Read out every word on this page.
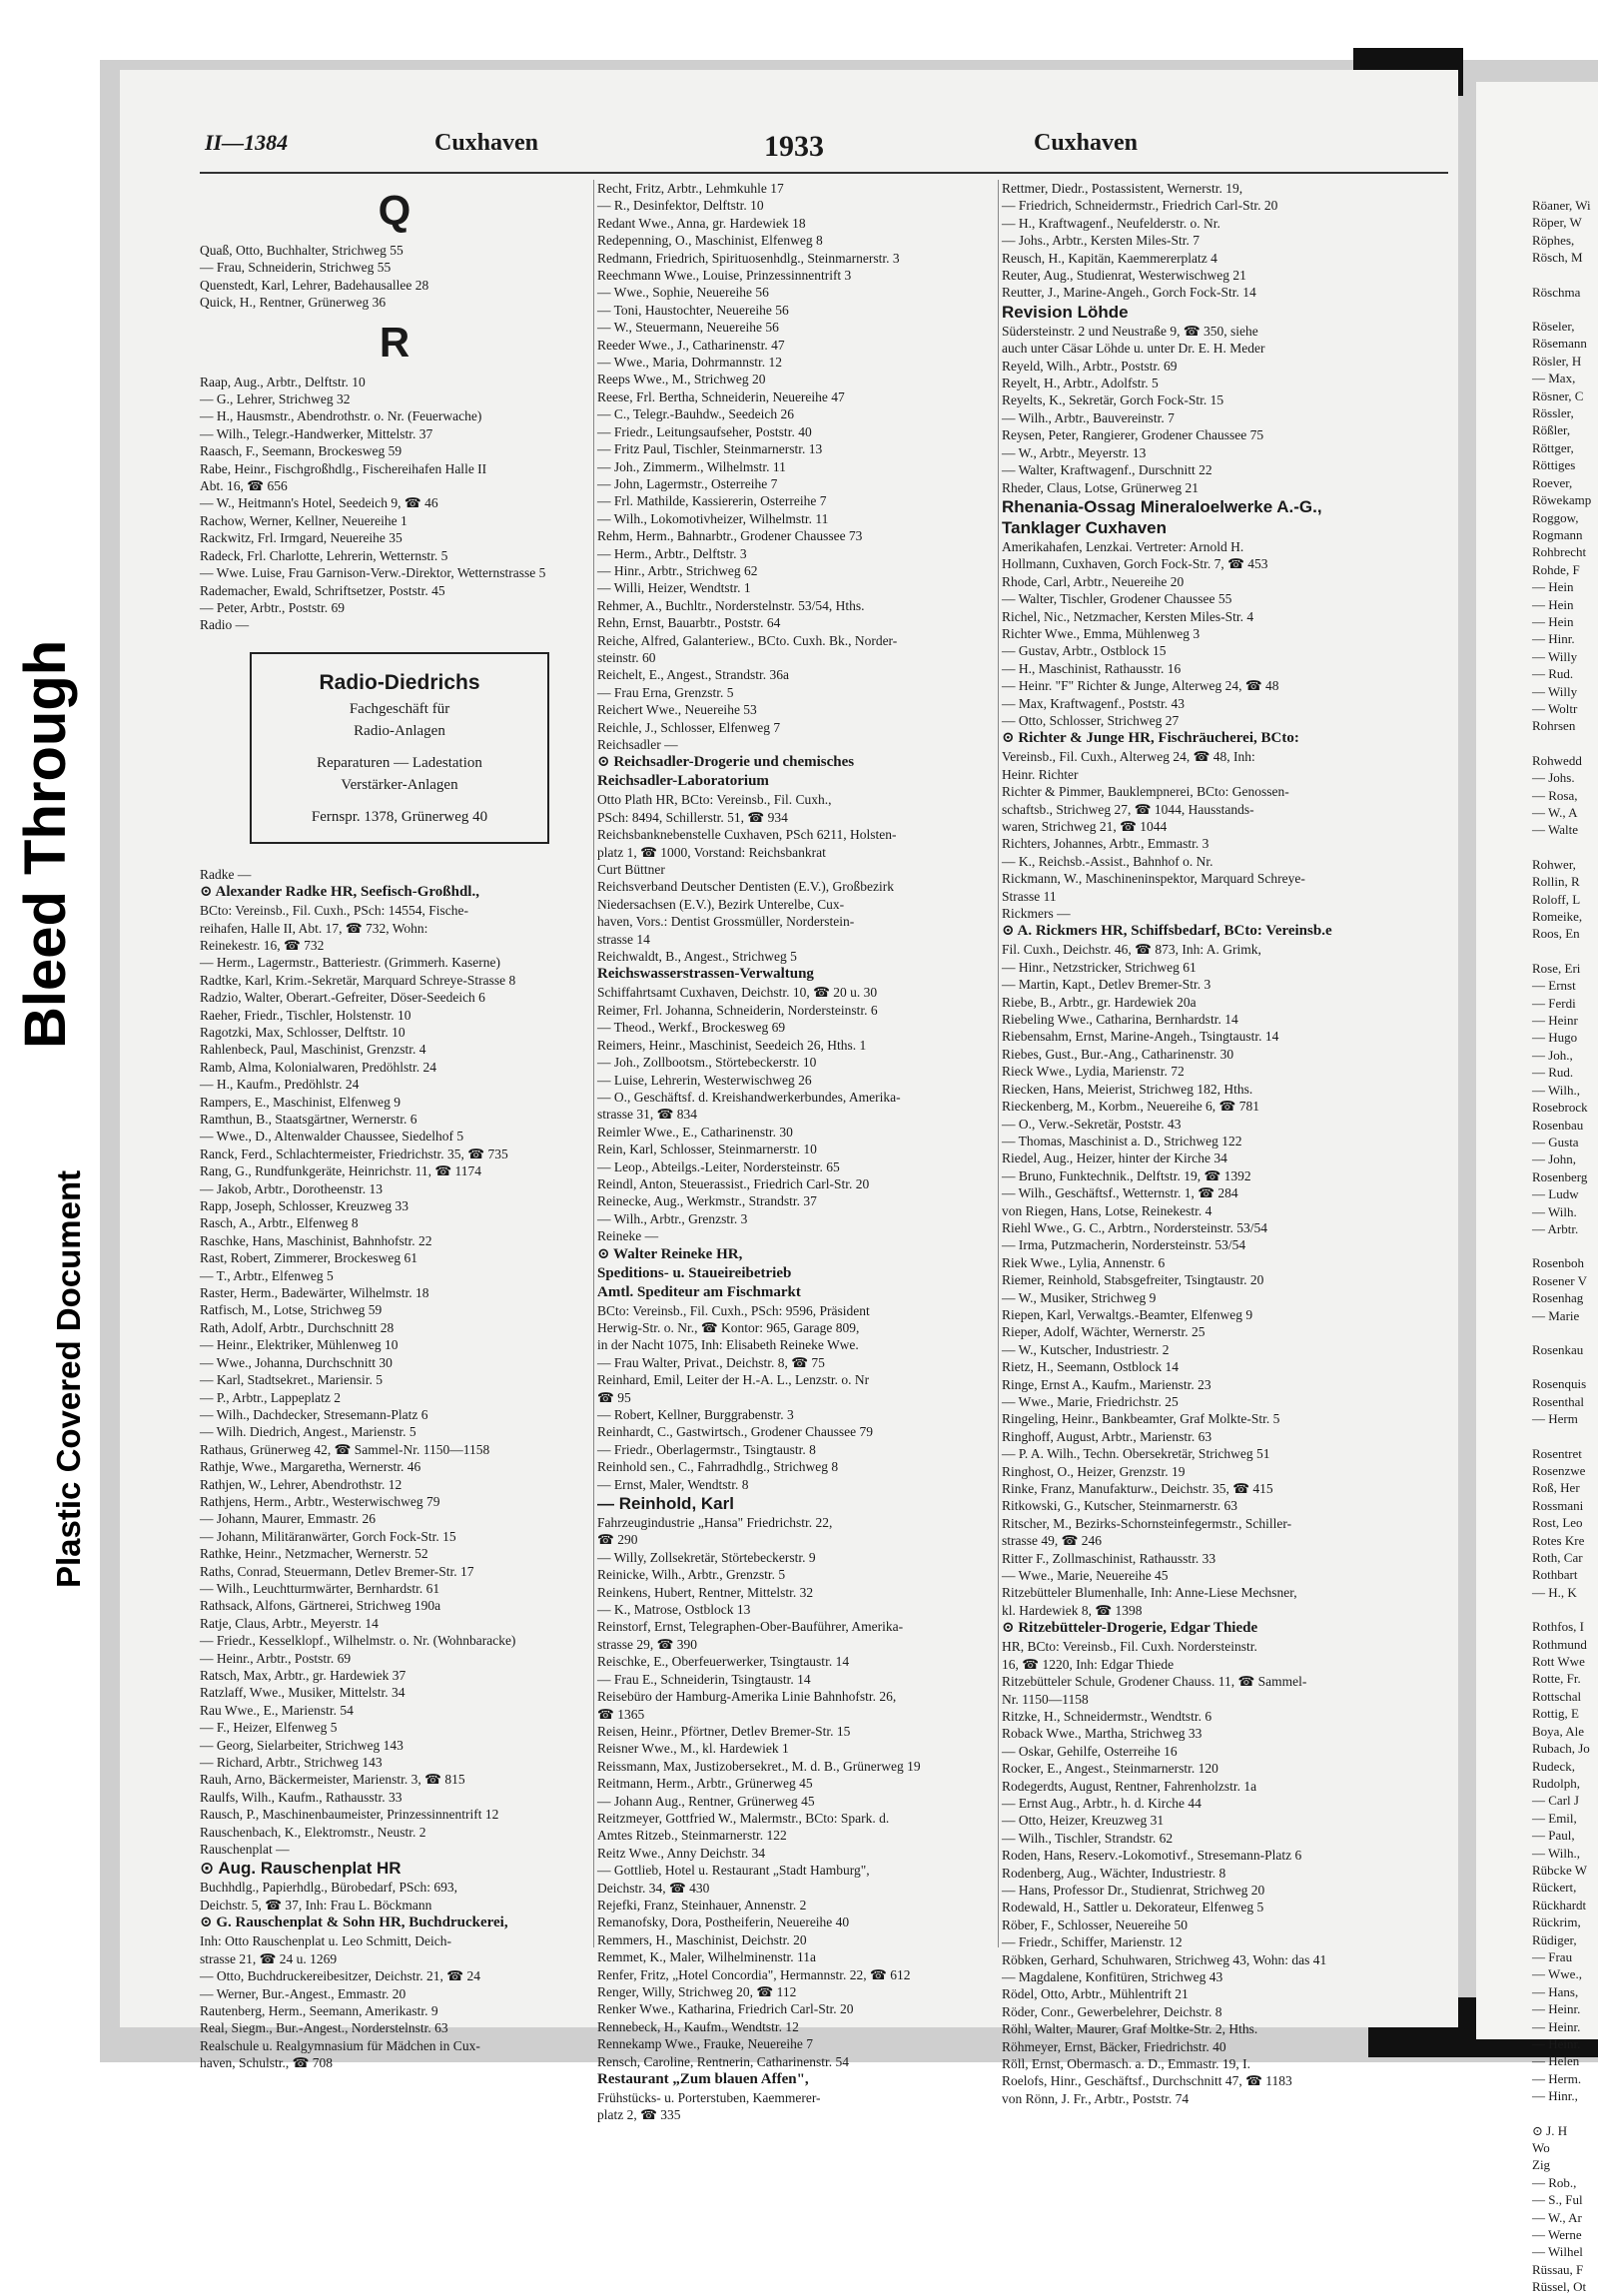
Röaner, Wi
Röper, W
Röphes,
Rösch, M
Röschma
Röseler,
Rösemann
Rösler, H
— Max,
Rösner, C
Rössler,
Rößler,
Röttger,
Röttiges
Roever,
Röwekamp
Roggow,
Rogmann
Rohbrecht
Rohde, F
— Hein
— Hein
— Hein
— Hinr.
— Willy
— Rud.
— Willy
— Woltr
Rohrsen
Rohwedd
— Johs.
— Rosa,
— W., A
— Walte
Rohwer,
Rollin, R
Roloff, L
Romeike,
Roos, En
Rose, Eri
— Ernst
— Ferdi
— Heinr
— Hugo
— Joh.,
— Rud.
— Wilh.,
Rosebrock
Rosenbau
— Gusta
— John,
Rosenberg
— Ludw
— Wilh.
— Arbtr.
Rosenboh
Rosener V
Rosenhag
— Marie
Rosenkau
Rosenquis
Rosenthal
— Herm
Rosentret
Rosenzwe
Roß, Her
Rossmani
Rost, Leo
Rotes Kre
Roth, Car
Rothbart
— H., K
Rothfos, I
Rothmund
Rott Wwe
Rotte, Fr.
Rottschal
Rottig, E
Boya, Ale
Rubach, Jo
Rudeck,
Rudolph,
— Carl J
— Emil,
— Paul,
— Wilh.,
Rübcke W
Rückert,
Rückhardt
Rückrim,
Rüdiger,
— Frau
— Wwe.,
— Hans,
— Heinr.
— Heinr.
— Heinr.
— Helen
— Herm.
— Hinr.,
⊙ J. H
Wo
Zig
— Rob.,
— S., Ful
— W., Ar
— Werne
— Wilhel
Rüssau, F
Rüssel, Ot
Bleed Through
Plastic Covered Document
II—1384	Cuxhaven	1933	Cuxhaven
Q
Quaß, Otto, Buchhalter, Strichweg 55
— Frau, Schneiderin, Strichweg 55
Quenstedt, Karl, Lehrer, Badehausallee 28
Quick, H., Rentner, Grünerweg 36
R
Raap, Aug., Arbtr., Delftstr. 10
— G., Lehrer, Strichweg 32
— H., Hausmstr., Abendrothstr. o. Nr. (Feuerwache)
— Wilh., Telegr.-Handwerker, Mittelstr. 37
Raasch, F., Seemann, Brockesweg 59
Rabe, Heinr., Fischgroßhdlg., Fischereihafen Halle II
Abt. 16, ☎ 656
— W., Heitmann's Hotel, Seedeich 9, ☎ 46
Rachow, Werner, Kellner, Neuereihe 1
Rackwitz, Frl. Irmgard, Neuereihe 35
Radeck, Frl. Charlotte, Lehrerin, Wetternstr. 5
— Wwe. Luise, Frau Garnison-Verw.-Direktor, Wetternstrasse 5
Rademacher, Ewald, Schriftsetzer, Poststr. 45
— Peter, Arbtr., Poststr. 69
Radio —
Radio-Diedrichs
Fachgeschäft für
Radio-Anlagen
Reparaturen — Ladestation
Verstärker-Anlagen
Fernspr. 1378, Grünerweg 40
Radke —
⊙ Alexander Radke HR, Seefisch-Großhdl.,
BCto: Vereinsb., Fil. Cuxh., PSch: 14554, Fische-
reihafen, Halle II, Abt. 17, ☎ 732, Wohn:
Reinekestr. 16, ☎ 732
— Herm., Lagermstr., Batteriestr. (Grimmerh. Kaserne)
Radtke, Karl, Krim.-Sekretär, Marquard Schreye-Strasse 8
Radzio, Walter, Oberart.-Gefreiter, Döser-Seedeich 6
Raeher, Friedr., Tischler, Holstenstr. 10
Ragotzki, Max, Schlosser, Delftstr. 10
Rahlenbeck, Paul, Maschinist, Grenzstr. 4
Ramb, Alma, Kolonialwaren, Predöhlstr. 24
— H., Kaufm., Predöhlstr. 24
Rampers, E., Maschinist, Elfenweg 9
Ramthun, B., Staatsgärtner, Wernerstr. 6
— Wwe., D., Altenwalder Chaussee, Siedelhof 5
Ranck, Ferd., Schlachtermeister, Friedrichstr. 35, ☎ 735
Rang, G., Rundfunkgeräte, Heinrichstr. 11, ☎ 1174
— Jakob, Arbtr., Dorotheenstr. 13
Rapp, Joseph, Schlosser, Kreuzweg 33
Rasch, A., Arbtr., Elfenweg 8
Raschke, Hans, Maschinist, Bahnhofstr. 22
Rast, Robert, Zimmerer, Brockesweg 61
— T., Arbtr., Elfenweg 5
Raster, Herm., Badewärter, Wilhelmstr. 18
Ratfisch, M., Lotse, Strichweg 59
Rath, Adolf, Arbtr., Durchschnitt 28
— Heinr., Elektriker, Mühlenweg 10
— Wwe., Johanna, Durchschnitt 30
— Karl, Stadtsekret., Mariensir. 5
— P., Arbtr., Lappeplatz 2
— Wilh., Dachdecker, Stresemann-Platz 6
— Wilh. Diedrich, Angest., Marienstr. 5
Rathaus, Grünerweg 42, ☎ Sammel-Nr. 1150—1158
Rathje, Wwe., Margaretha, Wernerstr. 46
Rathjen, W., Lehrer, Abendrothstr. 12
Rathjens, Herm., Arbtr., Westerwischweg 79
— Johann, Maurer, Emmastr. 26
— Johann, Militäranwärter, Gorch Fock-Str. 15
Rathke, Heinr., Netzmacher, Wernerstr. 52
Raths, Conrad, Steuermann, Detlev Bremer-Str. 17
— Wilh., Leuchtturmwärter, Bernhardstr. 61
Rathsack, Alfons, Gärtnerei, Strichweg 190a
Ratje, Claus, Arbtr., Meyerstr. 14
— Friedr., Kesselklopf., Wilhelmstr. o. Nr. (Wohnbaracke)
— Heinr., Arbtr., Poststr. 69
Ratsch, Max, Arbtr., gr. Hardewiek 37
Ratzlaff, Wwe., Musiker, Mittelstr. 34
Rau Wwe., E., Marienstr. 54
— F., Heizer, Elfenweg 5
— Georg, Sielarbeiter, Strichweg 143
— Richard, Arbtr., Strichweg 143
Rauh, Arno, Bäckermeister, Marienstr. 3, ☎ 815
Raulfs, Wilh., Kaufm., Rathausstr. 33
Rausch, P., Maschinenbaumeister, Prinzessinnentrift 12
Rauschenbach, K., Elektromstr., Neustr. 2
Rauschenplat —
⊙ Aug. Rauschenplat HR
Buchhdlg., Papierhdlg., Bürobedarf, PSch: 693,
Deichstr. 5, ☎ 37, Inh: Frau L. Böckmann
⊙ G. Rauschenplat & Sohn HR, Buchdruckerei,
Inh: Otto Rauschenplat u. Leo Schmitt, Deich-
strasse 21, ☎ 24 u. 1269
— Otto, Buchdruckereibesitzer, Deichstr. 21, ☎ 24
— Werner, Bur.-Angest., Emmastr. 20
Rautenberg, Herm., Seemann, Amerikastr. 9
Real, Siegm., Bur.-Angest., Norderstelnstr. 63
Realschule u. Realgymnasium für Mädchen in Cux-
haven, Schulstr., ☎ 708
Recht, Fritz, Arbtr., Lehmkuhle 17
— R., Desinfektor, Delftstr. 10
Redant Wwe., Anna, gr. Hardewiek 18
Redepenning, O., Maschinist, Elfenweg 8
Redmann, Friedrich, Spirituosenhdlg., Steinmarnerstr. 3
Reechmann Wwe., Louise, Prinzessinnentrift 3
— Wwe., Sophie, Neuereihe 56
— Toni, Haustochter, Neuereihe 56
— W., Steuermann, Neuereihe 56
Reeder Wwe., J., Catharinenstr. 47
— Wwe., Maria, Dohrmannstr. 12
Reeps Wwe., M., Strichweg 20
Reese, Frl. Bertha, Schneiderin, Neuereihe 47
— C., Telegr.-Bauhdw., Seedeich 26
— Friedr., Leitungsaufseher, Poststr. 40
— Fritz Paul, Tischler, Steinmarnerstr. 13
— Joh., Zimmerm., Wilhelmstr. 11
— John, Lagermstr., Osterreihe 7
— Frl. Mathilde, Kassiererin, Osterreihe 7
— Wilh., Lokomotivheizer, Wilhelmstr. 11
Rehm, Herm., Bahnarbtr., Grodener Chaussee 73
— Herm., Arbtr., Delftstr. 3
— Hinr., Arbtr., Strichweg 62
— Willi, Heizer, Wendtstr. 1
Rehmer, A., Buchltr., Norderstelnstr. 53/54, Hths.
Rehn, Ernst, Bauarbtr., Poststr. 64
Reiche, Alfred, Galanteriew., BCto. Cuxh. Bk., Norder-
steinstr. 60
Reichelt, E., Angest., Strandstr. 36a
— Frau Erna, Grenzstr. 5
Reichert Wwe., Neuereihe 53
Reichle, J., Schlosser, Elfenweg 7
Reichsadler —
⊙ Reichsadler-Drogerie und chemisches
Reichsadler-Laboratorium
Otto Plath HR, BCto: Vereinsb., Fil. Cuxh.,
PSch: 8494, Schillerstr. 51, ☎ 934
Reichsbanknebenstelle Cuxhaven, PSch 6211, Holsten-
platz 1, ☎ 1000, Vorstand: Reichsbankrat
Curt Büttner
Reichsverband Deutscher Dentisten (E.V.), Großbezirk
Niedersachsen (E.V.), Bezirk Unterelbe, Cux-
haven, Vors.: Dentist Grossmüller, Norderstein-
strasse 14
Reichwaldt, B., Angest., Strichweg 5
Reichswasserstrassen-Verwaltung
Schiffahrtsamt Cuxhaven, Deichstr. 10, ☎ 20 u. 30
Reimer, Frl. Johanna, Schneiderin, Nordersteinstr. 6
— Theod., Werkf., Brockesweg 69
Reimers, Heinr., Maschinist, Seedeich 26, Hths. 1
— Joh., Zollbootsm., Störtebeckerstr. 10
— Luise, Lehrerin, Westerwischweg 26
— O., Geschäftsf. d. Kreishandwerkerbundes, Amerika-
strasse 31, ☎ 834
Reimler Wwe., E., Catharinenstr. 30
Rein, Karl, Schlosser, Steinmarnerstr. 10
— Leop., Abteilgs.-Leiter, Nordersteinstr. 65
Reindl, Anton, Steuerassist., Friedrich Carl-Str. 20
Reinecke, Aug., Werkmstr., Strandstr. 37
— Wilh., Arbtr., Grenzstr. 3
Reineke —
⊙ Walter Reineke HR,
Speditions- u. Staueireibetrieb
Amtl. Spediteur am Fischmarkt
BCto: Vereinsb., Fil. Cuxh., PSch: 9596, Präsident
Herwig-Str. o. Nr., ☎ Kontor: 965, Garage 809,
in der Nacht 1075, Inh: Elisabeth Reineke Wwe.
— Frau Walter, Privat., Deichstr. 8, ☎ 75
Reinhard, Emil, Leiter der H.-A. L., Lenzstr. o. Nr
☎ 95
— Robert, Kellner, Burggrabenstr. 3
Reinhardt, C., Gastwirtsch., Grodener Chaussee 79
— Friedr., Oberlagermstr., Tsingtaustr. 8
Reinhold sen., C., Fahrradhdlg., Strichweg 8
— Ernst, Maler, Wendtstr. 8
— Reinhold, Karl
Fahrzeugindustrie „Hansa" Friedrichstr. 22,
☎ 290
— Willy, Zollsekretär, Störtebeckerstr. 9
Reinicke, Wilh., Arbtr., Grenzstr. 5
Reinkens, Hubert, Rentner, Mittelstr. 32
— K., Matrose, Ostblock 13
Reinstorf, Ernst, Telegraphen-Ober-Bauführer, Amerika-
strasse 29, ☎ 390
Reischke, E., Oberfeuerwerker, Tsingtaustr. 14
— Frau E., Schneiderin, Tsingtaustr. 14
Reisebüro der Hamburg-Amerika Linie Bahnhofstr. 26,
☎ 1365
Reisen, Heinr., Pförtner, Detlev Bremer-Str. 15
Reisner Wwe., M., kl. Hardewiek 1
Reissmann, Max, Justizobersekret., M. d. B., Grünerweg 19
Reitmann, Herm., Arbtr., Grünerweg 45
— Johann Aug., Rentner, Grünerweg 45
Reitzmeyer, Gottfried W., Malermstr., BCto: Spark. d.
Amtes Ritzeb., Steinmarnerstr. 122
Reitz Wwe., Anny Deichstr. 34
— Gottlieb, Hotel u. Restaurant „Stadt Hamburg",
Deichstr. 34, ☎ 430
Rejefki, Franz, Steinhauer, Annenstr. 2
Remanofsky, Dora, Postheiferin, Neuereihe 40
Remmers, H., Maschinist, Deichstr. 20
Remmet, K., Maler, Wilhelminenstr. 11a
Renfer, Fritz, „Hotel Concordia", Hermannstr. 22, ☎ 612
Renger, Willy, Strichweg 20, ☎ 112
Renker Wwe., Katharina, Friedrich Carl-Str. 20
Rennebeck, H., Kaufm., Wendtstr. 12
Rennekamp Wwe., Frauke, Neuereihe 7
Rensch, Caroline, Rentnerin, Catharinenstr. 54
Restaurant „Zum blauen Affen",
Frühstücks- u. Porterstuben, Kaemmerer-
platz 2, ☎ 335
Rettmer, Diedr., Postassistent, Wernerstr. 19,
— Friedrich, Schneidermstr., Friedrich Carl-Str. 20
— H., Kraftwagenf., Neufelderstr. o. Nr.
— Johs., Arbtr., Kersten Miles-Str. 7
Reusch, H., Kapitän, Kaemmererplatz 4
Reuter, Aug., Studienrat, Westerwischweg 21
Reutter, J., Marine-Angeh., Gorch Fock-Str. 14
Revision Löhde
Südersteinstr. 2 und Neustraße 9, ☎ 350, siehe
auch unter Cäsar Löhde u. unter Dr. E. H. Meder
Reyeld, Wilh., Arbtr., Poststr. 69
Reyelt, H., Arbtr., Adolfstr. 5
Reyelts, K., Sekretär, Gorch Fock-Str. 15
— Wilh., Arbtr., Bauvereinstr. 7
Reysen, Peter, Rangierer, Grodener Chaussee 75
— W., Arbtr., Meyerstr. 13
— Walter, Kraftwagenf., Durschnitt 22
Rheder, Claus, Lotse, Grünerweg 21
Rhenania-Ossag Mineraloelwerke A.-G.,
Tanklager Cuxhaven
Amerikahafen, Lenzkai. Vertreter: Arnold H.
Hollmann, Cuxhaven, Gorch Fock-Str. 7, ☎ 453
Rhode, Carl, Arbtr., Neuereihe 20
— Walter, Tischler, Grodener Chaussee 55
Richel, Nic., Netzmacher, Kersten Miles-Str. 4
Richter Wwe., Emma, Mühlenweg 3
— Gustav, Arbtr., Ostblock 15
— H., Maschinist, Rathausstr. 16
— Heinr. "F" Richter & Junge, Alterweg 24, ☎ 48
— Max, Kraftwagenf., Poststr. 43
— Otto, Schlosser, Strichweg 27
⊙ Richter & Junge HR, Fischräucherei, BCto:
Vereinsb., Fil. Cuxh., Alterweg 24, ☎ 48, Inh:
Heinr. Richter
Richter & Pimmer, Bauklempnerei, BCto: Genossen-
schaftsb., Strichweg 27, ☎ 1044, Hausstands-
waren, Strichweg 21, ☎ 1044
Richters, Johannes, Arbtr., Emmastr. 3
— K., Reichsb.-Assist., Bahnhof o. Nr.
Rickmann, W., Maschineninspektor, Marquard Schreye-
Strasse 11
Rickmers —
⊙ A. Rickmers HR, Schiffsbedarf, BCto: Vereinsb.e
Fil. Cuxh., Deichstr. 46, ☎ 873, Inh: A. Grimk,
— Hinr., Netzstricker, Strichweg 61
— Martin, Kapt., Detlev Bremer-Str. 3
Riebe, B., Arbtr., gr. Hardewiek 20a
Riebeling Wwe., Catharina, Bernhardstr. 14
Riebensahm, Ernst, Marine-Angeh., Tsingtaustr. 14
Riebes, Gust., Bur.-Ang., Catharinenstr. 30
Rieck Wwe., Lydia, Marienstr. 72
Riecken, Hans, Meierist, Strichweg 182, Hths.
Rieckenberg, M., Korbm., Neuereihe 6, ☎ 781
— O., Verw.-Sekretär, Poststr. 43
— Thomas, Maschinist a. D., Strichweg 122
Riedel, Aug., Heizer, hinter der Kirche 34
— Bruno, Funktechnik., Delftstr. 19, ☎ 1392
— Wilh., Geschäftsf., Wetternstr. 1, ☎ 284
von Riegen, Hans, Lotse, Reinekestr. 4
Riehl Wwe., G. C., Arbtrn., Nordersteinstr. 53/54
— Irma, Putzmacherin, Nordersteinstr. 53/54
Riek Wwe., Lylia, Annenstr. 6
Riemer, Reinhold, Stabsgefreiter, Tsingtaustr. 20
— W., Musiker, Strichweg 9
Riepen, Karl, Verwaltgs.-Beamter, Elfenweg 9
Rieper, Adolf, Wächter, Wernerstr. 25
— W., Kutscher, Industriestr. 2
Rietz, H., Seemann, Ostblock 14
Ringe, Ernst A., Kaufm., Marienstr. 23
— Wwe., Marie, Friedrichstr. 25
Ringeling, Heinr., Bankbeamter, Graf Molkte-Str. 5
Ringhoff, August, Arbtr., Marienstr. 63
— P. A. Wilh., Techn. Obersekretär, Strichweg 51
Ringhost, O., Heizer, Grenzstr. 19
Rinke, Franz, Manufakturw., Deichstr. 35, ☎ 415
Ritkowski, G., Kutscher, Steinmarnerstr. 63
Ritscher, M., Bezirks-Schornsteinfegermstr., Schiller-
strasse 49, ☎ 246
Ritter F., Zollmaschinist, Rathausstr. 33
— Wwe., Marie, Neuereihe 45
Ritzebütteler Blumenhalle, Inh: Anne-Liese Mechsner,
kl. Hardewiek 8, ☎ 1398
⊙ Ritzebütteler-Drogerie, Edgar Thiede
HR, BCto: Vereinsb., Fil. Cuxh. Nordersteinstr.
16, ☎ 1220, Inh: Edgar Thiede
Ritzebütteler Schule, Grodener Chauss. 11, ☎ Sammel-
Nr. 1150—1158
Ritzke, H., Schneidermstr., Wendtstr. 6
Roback Wwe., Martha, Strichweg 33
— Oskar, Gehilfe, Osterreihe 16
Rocker, E., Angest., Steinmarnerstr. 120
Rodegerdts, August, Rentner, Fahrenholzstr. 1a
— Ernst Aug., Arbtr., h. d. Kirche 44
— Otto, Heizer, Kreuzweg 31
— Wilh., Tischler, Strandstr. 62
Roden, Hans, Reserv.-Lokomotivf., Stresemann-Platz 6
Rodenberg, Aug., Wächter, Industriestr. 8
— Hans, Professor Dr., Studienrat, Strichweg 20
Rodewald, H., Sattler u. Dekorateur, Elfenweg 5
Röber, F., Schlosser, Neuereihe 50
— Friedr., Schiffer, Marienstr. 12
Röbken, Gerhard, Schuhwaren, Strichweg 43, Wohn: das 41
— Magdalene, Konfitüren, Strichweg 43
Rödel, Otto, Arbtr., Mühlentrift 21
Röder, Conr., Gewerbelehrer, Deichstr. 8
Röhl, Walter, Maurer, Graf Moltke-Str. 2, Hths.
Röhmeyer, Ernst, Bäcker, Friedrichstr. 40
Röll, Ernst, Obermasch. a. D., Emmastr. 19, I.
Roelofs, Hinr., Geschäftsf., Durchschnitt 47, ☎ 1183
von Rönn, J. Fr., Arbtr., Poststr. 74
